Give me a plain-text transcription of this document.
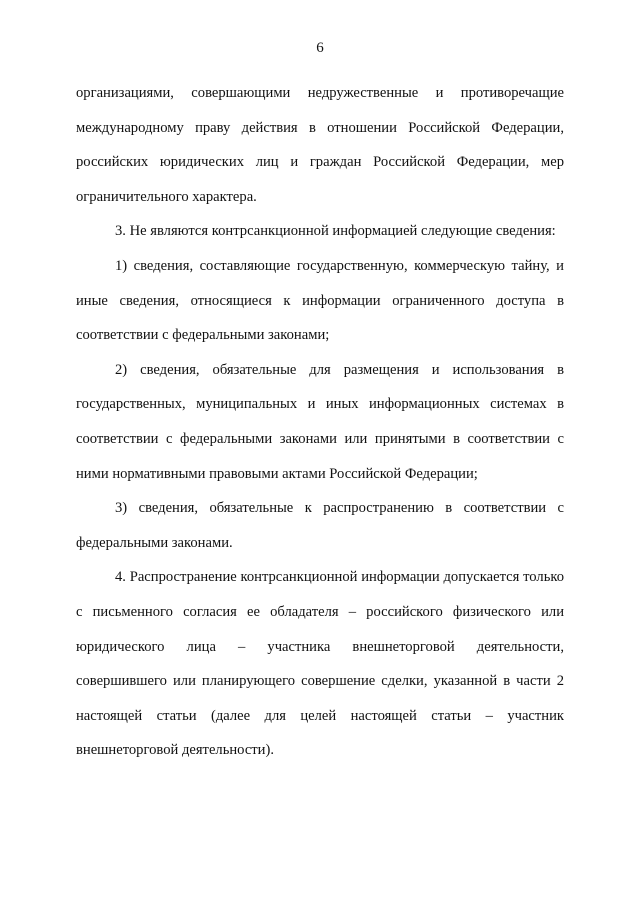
6

организациями, совершающими недружественные и противоречащие международному праву действия в отношении Российской Федерации, российских юридических лиц и граждан Российской Федерации, мер ограничительного характера.

3. Не являются контрсанкционной информацией следующие сведения:

1) сведения, составляющие государственную, коммерческую тайну, и иные сведения, относящиеся к информации ограниченного доступа в соответствии с федеральными законами;

2) сведения, обязательные для размещения и использования в государственных, муниципальных и иных информационных системах в соответствии с федеральными законами или принятыми в соответствии с ними нормативными правовыми актами Российской Федерации;

3) сведения, обязательные к распространению в соответствии с федеральными законами.

4. Распространение контрсанкционной информации допускается только с письменного согласия ее обладателя – российского физического или юридического лица – участника внешнеторговой деятельности, совершившего или планирующего совершение сделки, указанной в части 2 настоящей статьи (далее для целей настоящей статьи – участник внешнеторговой деятельности).
